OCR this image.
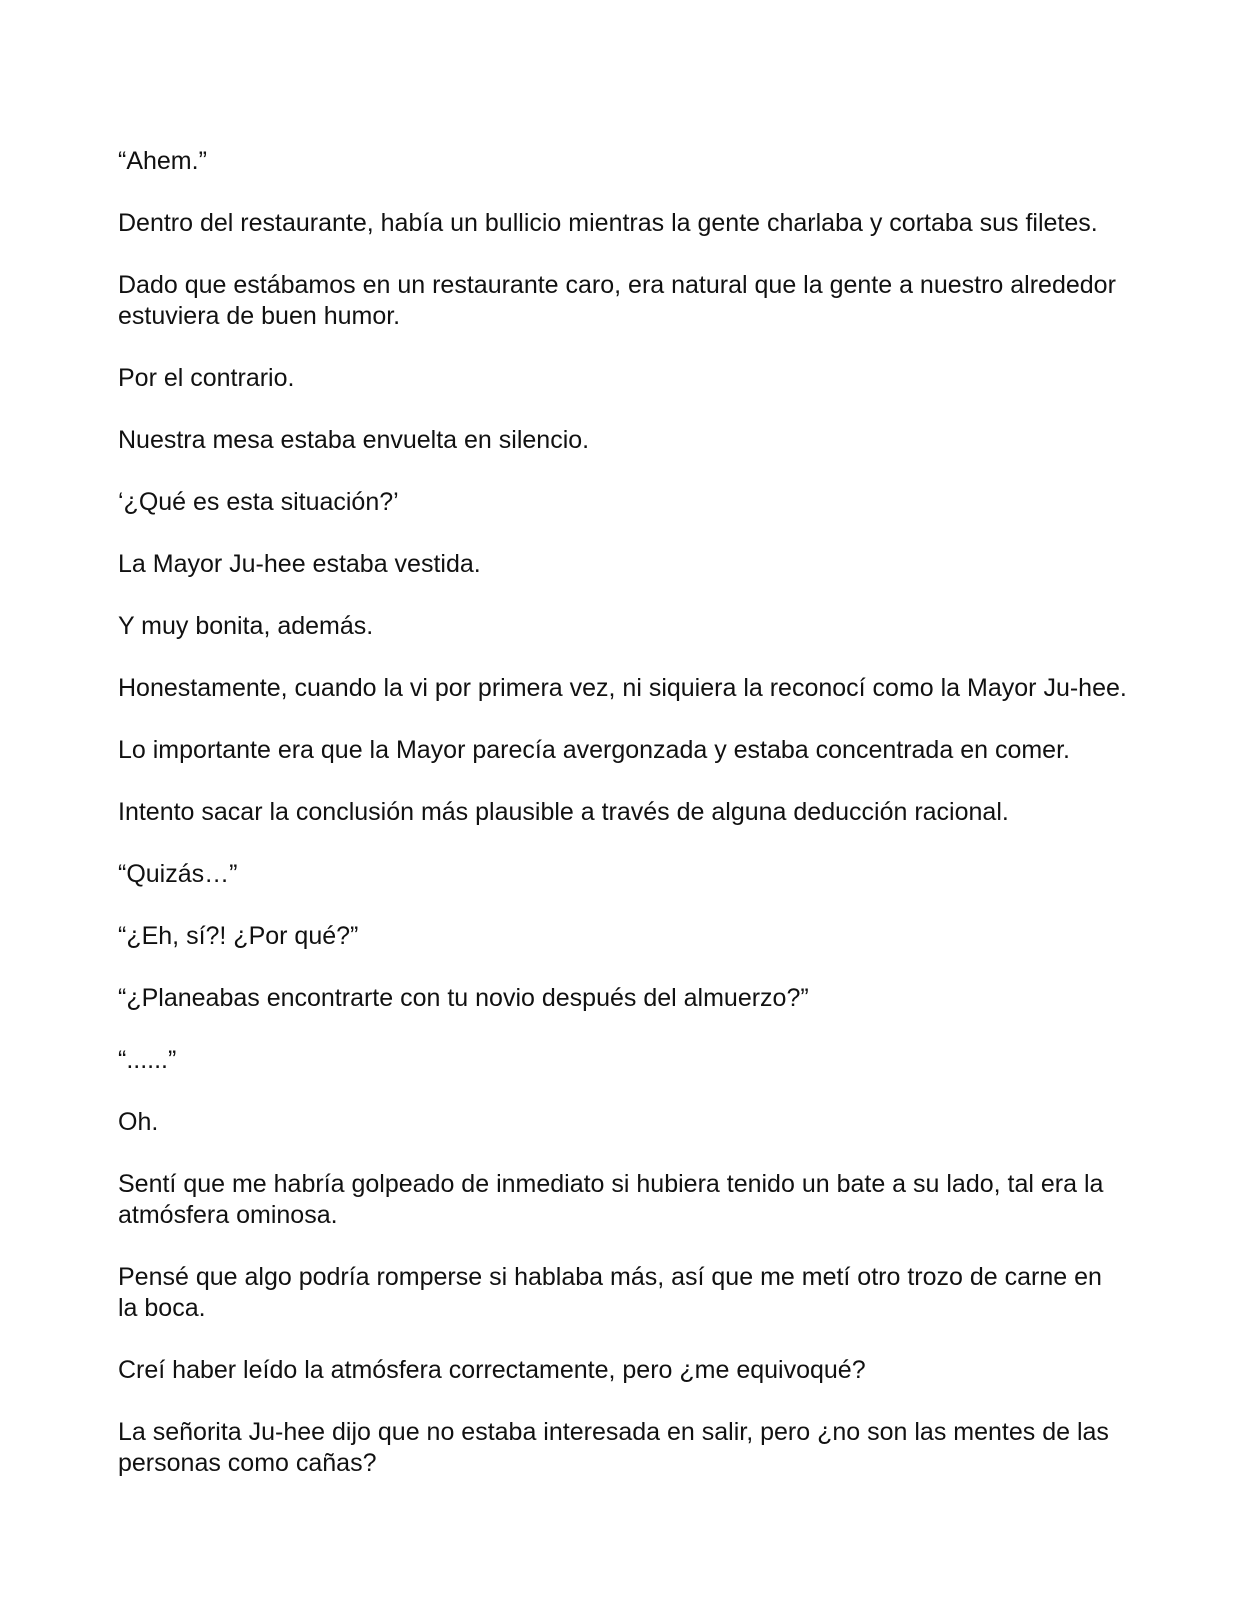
“Ahem.”

Dentro del restaurante, había un bullicio mientras la gente charlaba y cortaba sus filetes.

Dado que estábamos en un restaurante caro, era natural que la gente a nuestro alrededor estuviera de buen humor.

Por el contrario.

Nuestra mesa estaba envuelta en silencio.

‘¿Qué es esta situación?’

La Mayor Ju-hee estaba vestida.

Y muy bonita, además.

Honestamente, cuando la vi por primera vez, ni siquiera la reconocí como la Mayor Ju-hee.

Lo importante era que la Mayor parecía avergonzada y estaba concentrada en comer.

Intento sacar la conclusión más plausible a través de alguna deducción racional.

“Quizás…”

“¿Eh, sí?! ¿Por qué?”

“¿Planeabas encontrarte con tu novio después del almuerzo?”

“......”

Oh.

Sentí que me habría golpeado de inmediato si hubiera tenido un bate a su lado, tal era la atmósfera ominosa.

Pensé que algo podría romperse si hablaba más, así que me metí otro trozo de carne en la boca.

Creí haber leído la atmósfera correctamente, pero ¿me equivoqué?

La señorita Ju-hee dijo que no estaba interesada en salir, pero ¿no son las mentes de las personas como cañas?
